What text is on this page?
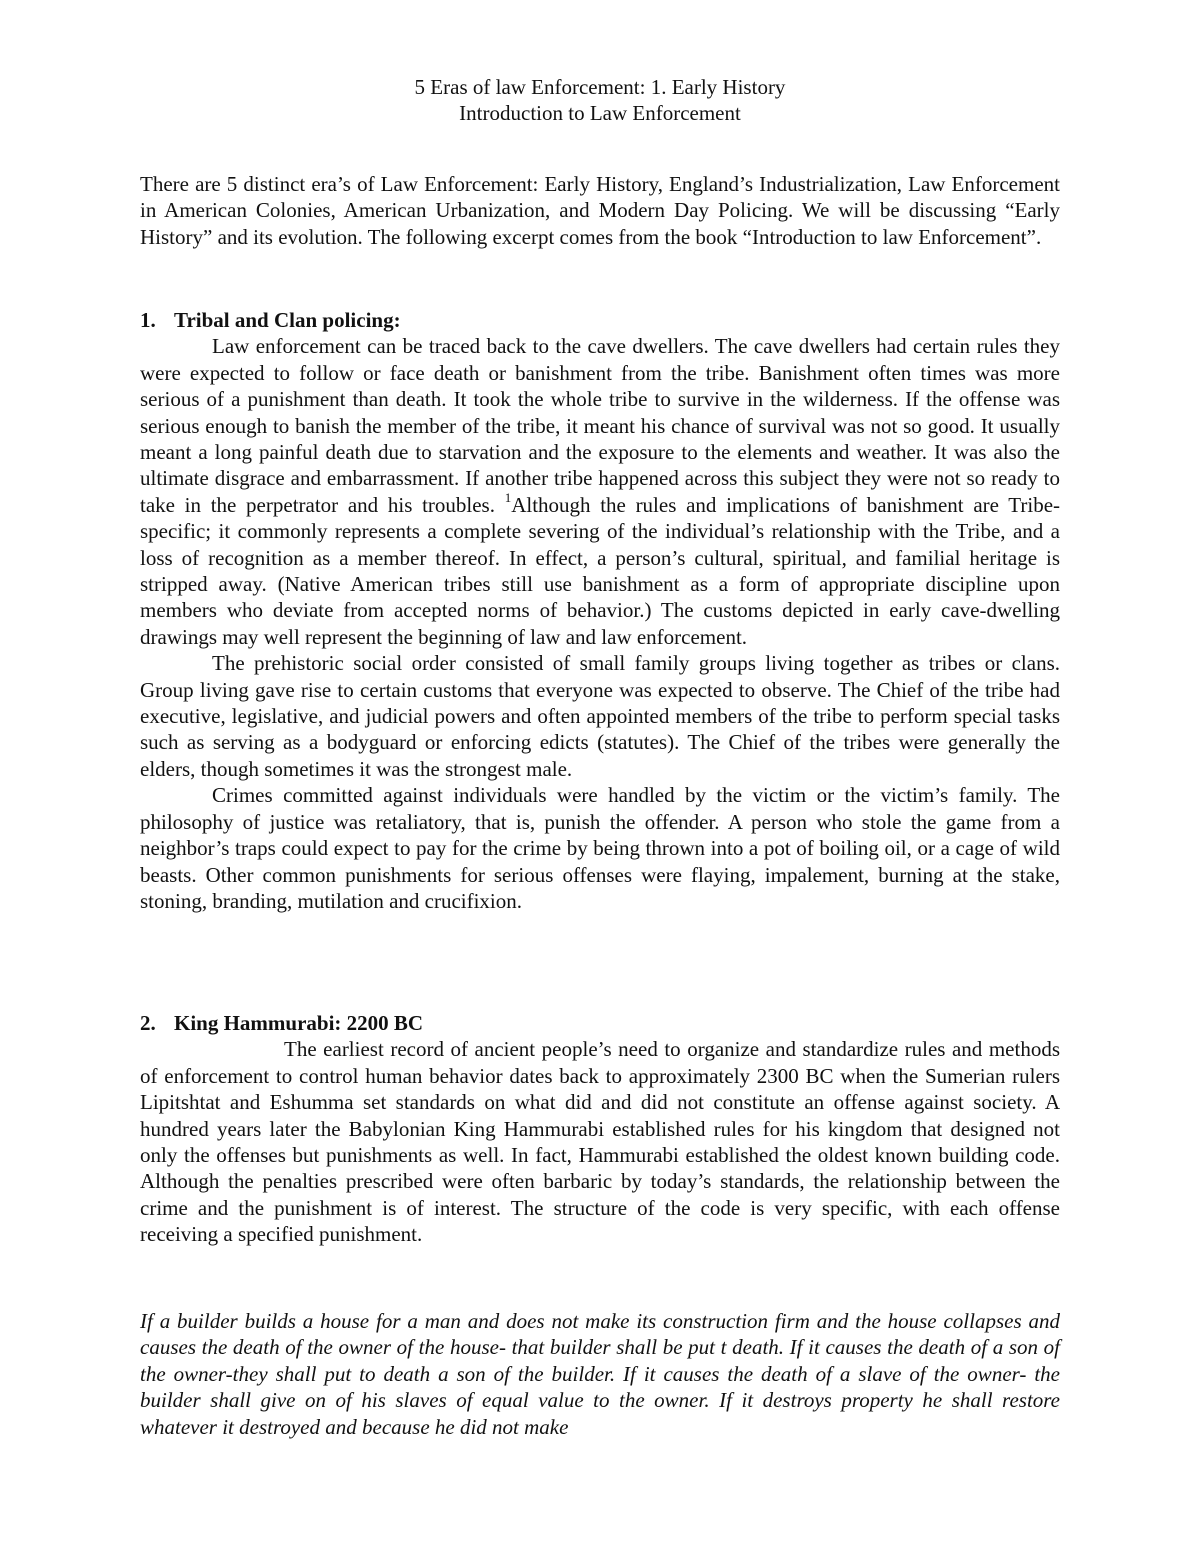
5 Eras of law Enforcement: 1. Early History
Introduction to Law Enforcement

There are 5 distinct era’s of Law Enforcement: Early History, England’s Industrialization, Law Enforcement in American Colonies, American Urbanization, and Modern Day Policing. We will be discussing “Early History” and its evolution. The following excerpt comes from the book “Introduction to law Enforcement”.

1. Tribal and Clan policing:

Law enforcement can be traced back to the cave dwellers. The cave dwellers had certain rules they were expected to follow or face death or banishment from the tribe. Banishment often times was more serious of a punishment than death. It took the whole tribe to survive in the wilderness. If the offense was serious enough to banish the member of the tribe, it meant his chance of survival was not so good. It usually meant a long painful death due to starvation and the exposure to the elements and weather. It was also the ultimate disgrace and embarrassment. If another tribe happened across this subject they were not so ready to take in the perpetrator and his troubles. $^1$Although the rules and implications of banishment are Tribe-specific; it commonly represents a complete severing of the individual’s relationship with the Tribe, and a loss of recognition as a member thereof. In effect, a person’s cultural, spiritual, and familial heritage is stripped away. (Native American tribes still use banishment as a form of appropriate discipline upon members who deviate from accepted norms of behavior.) The customs depicted in early cave-dwelling drawings may well represent the beginning of law and law enforcement.

The prehistoric social order consisted of small family groups living together as tribes or clans. Group living gave rise to certain customs that everyone was expected to observe. The Chief of the tribe had executive, legislative, and judicial powers and often appointed members of the tribe to perform special tasks such as serving as a bodyguard or enforcing edicts (statutes). The Chief of the tribes were generally the elders, though sometimes it was the strongest male.

Crimes committed against individuals were handled by the victim or the victim’s family. The philosophy of justice was retaliatory, that is, punish the offender. A person who stole the game from a neighbor’s traps could expect to pay for the crime by being thrown into a pot of boiling oil, or a cage of wild beasts. Other common punishments for serious offenses were flaying, impalement, burning at the stake, stoning, branding, mutilation and crucifixion.

2. King Hammurabi: 2200 BC

The earliest record of ancient people’s need to organize and standardize rules and methods of enforcement to control human behavior dates back to approximately 2300 BC when the Sumerian rulers Lipitshtat and Eshumma set standards on what did and did not constitute an offense against society. A hundred years later the Babylonian King Hammurabi established rules for his kingdom that designed not only the offenses but punishments as well. In fact, Hammurabi established the oldest known building code. Although the penalties prescribed were often barbaric by today’s standards, the relationship between the crime and the punishment is of interest. The structure of the code is very specific, with each offense receiving a specified punishment.

If a builder builds a house for a man and does not make its construction firm and the house collapses and causes the death of the owner of the house- that builder shall be put t death. If it causes the death of a son of the owner-they shall put to death a son of the builder. If it causes the death of a slave of the owner- the builder shall give on of his slaves of equal value to the owner. If it destroys property he shall restore whatever it destroyed and because he did not make
